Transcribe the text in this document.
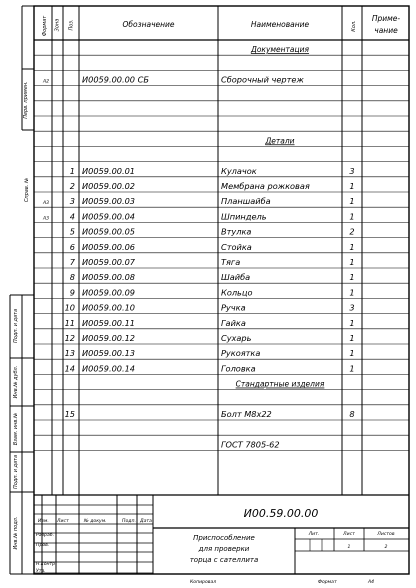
Формат Зона Поз.	Обозначение	Наименование	Кол.
Приме-
чание
Документация
А2	И0059.00.00 СБ	Сборочный чертеж
Детали
1 И0059.00.01	Кулачок	3
2 И0059.00.02	Мембрана рожковая	1
А3	3 И0059.00.03	Планшайба	1
А3	4 И0059.00.04	Шпиндель	1
5 И0059.00.05	Втулка	2
6 И0059.00.06	Стойка	1
7 И0059.00.07	Тяга	1
8 И0059.00.08	Шайба	1
9 И0059.00.09	Кольцо	1
10 И0059.00.10	Ручка	3
11 И0059.00.11	Гайка	1
12 И0059.00.12	Сухарь	1
13 И0059.00.13	Рукоятка	1
14 И0059.00.14	Головка	1
Стандартные изделия
15	Болт М8х22	8
ГОСТ 7805-62
Перв. примен.
Справ. №
Подп. и дата
Инв.№ дубл.
Взам. инв.№
Подп. и дата
Инв.№ подл.
И00.59.00.00
Приспособление
для проверки
торца с сателлита
Изм. Лист	№ докум.	Подп. Дата
Разраб.
Пров.
Н.контр.
Утв.
Лит.	Лист	Листов
1	2
Копировал	Формат	А4
